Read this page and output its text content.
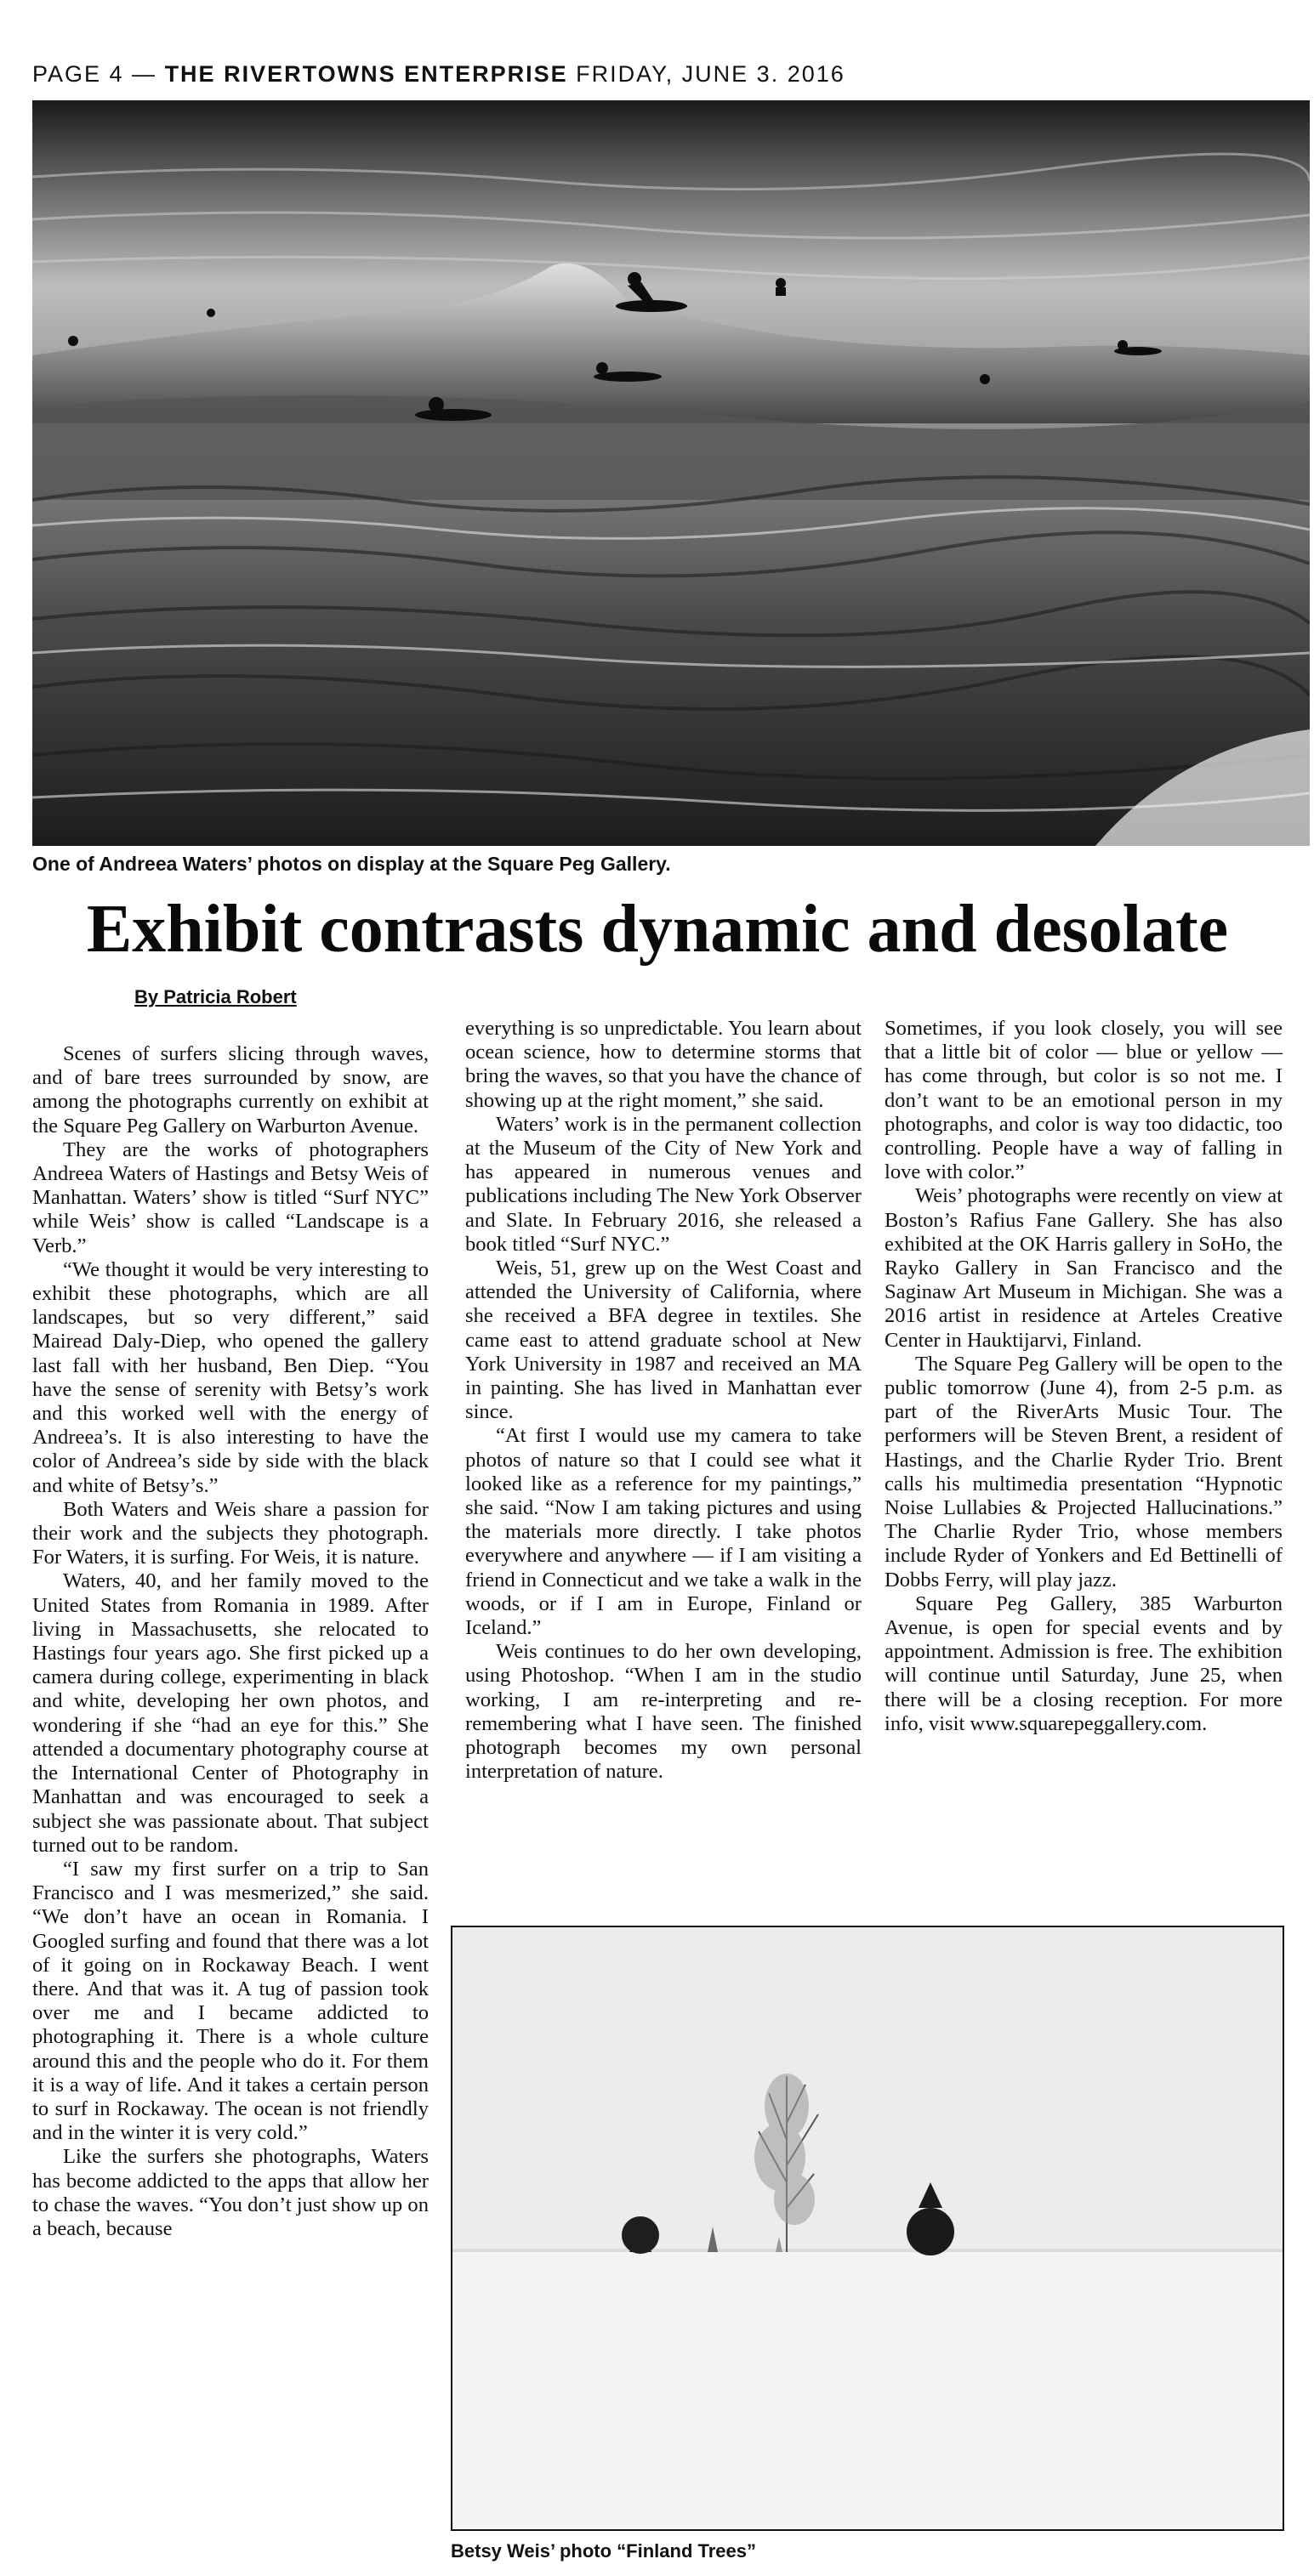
PAGE 4 — THE RIVERTOWNS ENTERPRISE FRIDAY, JUNE 3. 2016
One of Andreea Waters’ photos on display at the Square Peg Gallery.
Exhibit contrasts dynamic and desolate
By Patricia Robert

Scenes of surfers slicing through waves, and of bare trees surrounded by snow, are among the photographs currently on exhibit at the Square Peg Gallery on Warburton Avenue.

They are the works of photographers Andreea Waters of Hastings and Betsy Weis of Manhattan. Waters’ show is titled “Surf NYC” while Weis’ show is called “Landscape is a Verb.”

“We thought it would be very interesting to exhibit these photographs, which are all landscapes, but so very different,” said Mairead Daly-Diep, who opened the gallery last fall with her husband, Ben Diep. “You have the sense of serenity with Betsy’s work and this worked well with the energy of Andreea’s. It is also interesting to have the color of Andreea’s side by side with the black and white of Betsy’s.”

Both Waters and Weis share a passion for their work and the subjects they photograph. For Waters, it is surfing. For Weis, it is nature.

Waters, 40, and her family moved to the United States from Romania in 1989. After living in Massachusetts, she relocated to Hastings four years ago. She first picked up a camera during college, experimenting in black and white, developing her own photos, and wondering if she “had an eye for this.” She attended a documentary photography course at the International Center of Photography in Manhattan and was encouraged to seek a subject she was passionate about. That subject turned out to be random.

“I saw my first surfer on a trip to San Francisco and I was mesmerized,” she said. “We don’t have an ocean in Romania. I Googled surfing and found that there was a lot of it going on in Rockaway Beach. I went there. And that was it. A tug of passion took over me and I became addicted to photographing it. There is a whole culture around this and the people who do it. For them it is a way of life. And it takes a certain person to surf in Rockaway. The ocean is not friendly and in the winter it is very cold.”

Like the surfers she photographs, Waters has become addicted to the apps that allow her to chase the waves. “You don’t just show up on a beach, because

everything is so unpredictable. You learn about ocean science, how to determine storms that bring the waves, so that you have the chance of showing up at the right moment,” she said.

Waters’ work is in the permanent collection at the Museum of the City of New York and has appeared in numerous venues and publications including The New York Observer and Slate. In February 2016, she released a book titled “Surf NYC.”

Weis, 51, grew up on the West Coast and attended the University of California, where she received a BFA degree in textiles. She came east to attend graduate school at New York University in 1987 and received an MA in painting. She has lived in Manhattan ever since.

“At first I would use my camera to take photos of nature so that I could see what it looked like as a reference for my paintings,” she said. “Now I am taking pictures and using the materials more directly. I take photos everywhere and anywhere — if I am visiting a friend in Connecticut and we take a walk in the woods, or if I am in Europe, Finland or Iceland.”

Weis continues to do her own developing, using Photoshop. “When I am in the studio working, I am re-interpreting and re-remembering what I have seen. The finished photograph becomes my own personal interpretation of nature.

Sometimes, if you look closely, you will see that a little bit of color — blue or yellow — has come through, but color is so not me. I don’t want to be an emotional person in my photographs, and color is way too didactic, too controlling. People have a way of falling in love with color.”

Weis’ photographs were recently on view at Boston’s Rafius Fane Gallery. She has also exhibited at the OK Harris gallery in SoHo, the Rayko Gallery in San Francisco and the Saginaw Art Museum in Michigan. She was a 2016 artist in residence at Arteles Creative Center in Hauktijarvi, Finland.

The Square Peg Gallery will be open to the public tomorrow (June 4), from 2-5 p.m. as part of the RiverArts Music Tour. The performers will be Steven Brent, a resident of Hastings, and the Charlie Ryder Trio. Brent calls his multimedia presentation “Hypnotic Noise Lullabies & Projected Hallucinations.” The Charlie Ryder Trio, whose members include Ryder of Yonkers and Ed Bettinelli of Dobbs Ferry, will play jazz.

Square Peg Gallery, 385 Warburton Avenue, is open for special events and by appointment. Admission is free. The exhibition will continue until Saturday, June 25, when there will be a closing reception. For more info, visit www.squarepeggallery.com.

Betsy Weis’ photo “Finland Trees”
